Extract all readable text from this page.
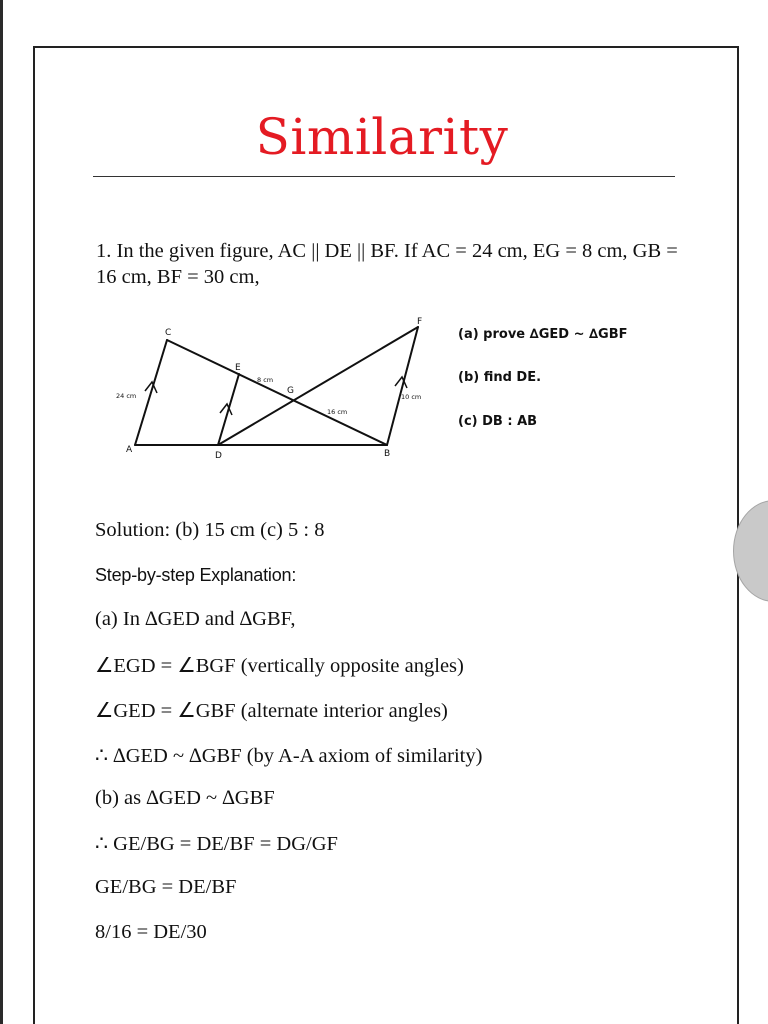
Similarity
1. In the given figure, AC || DE || BF. If AC = 24 cm, EG = 8 cm, GB = 16 cm, BF = 30 cm,
A	B
C
D
E
F
G
24 cm
8 cm
16 cm
10 cm
(a) prove ∆GED ~ ∆GBF
(b) find DE.
(c) DB : AB
Solution: (b) 15 cm (c) 5 : 8
Step-by-step Explanation:
(a) In ∆GED and ∆GBF,
∠EGD = ∠BGF (vertically opposite angles)
∠GED = ∠GBF (alternate interior angles)
∴ ∆GED ~ ∆GBF (by A-A axiom of similarity)
(b) as ∆GED ~ ∆GBF
∴ GE/BG = DE/BF = DG/GF
GE/BG = DE/BF
8/16 = DE/30
